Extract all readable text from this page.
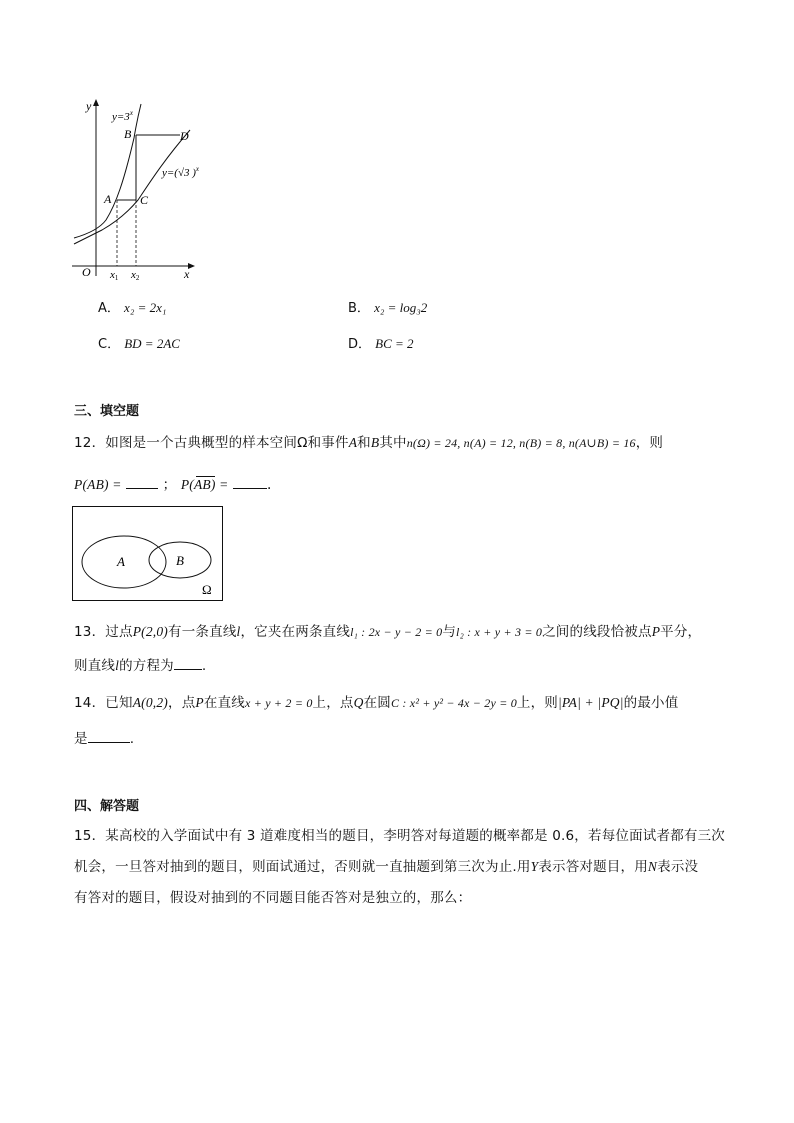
y
x
O x1 x2
A
B
C
D
$y=3^x$
y=(√3 )$^x$
A． x₂ = 2x₁	B． x₂ = log₃2
C． BD = 2AC	D． BC = 2
三、填空题
12．如图是一个古典概型的样本空间Ω和事件A和B其中n(Ω) = 24, n(A) = 12, n(B) = 8, n(A∪B) = 16，则
P(AB) =	； P(AB) =	.
A	B
Ω
13．过点P(2,0)有一条直线l，它夹在两条直线l₁ : 2x − y − 2 = 0与l₂ : x + y + 3 = 0之间的线段恰被点P平分，
则直线l的方程为 .
14．已知A(0,2)，点P在直线x + y + 2 = 0上，点Q在圆C : x² + y² − 4x − 2y = 0上，则|PA| + |PQ|的最小值
是	.
四、解答题
15．某高校的入学面试中有 3 道难度相当的题目，李明答对每道题的概率都是 0.6，若每位面试者都有三次
机会，一旦答对抽到的题目，则面试通过，否则就一直抽题到第三次为止.用Y表示答对题目，用N表示没
有答对的题目，假设对抽到的不同题目能否答对是独立的，那么：
